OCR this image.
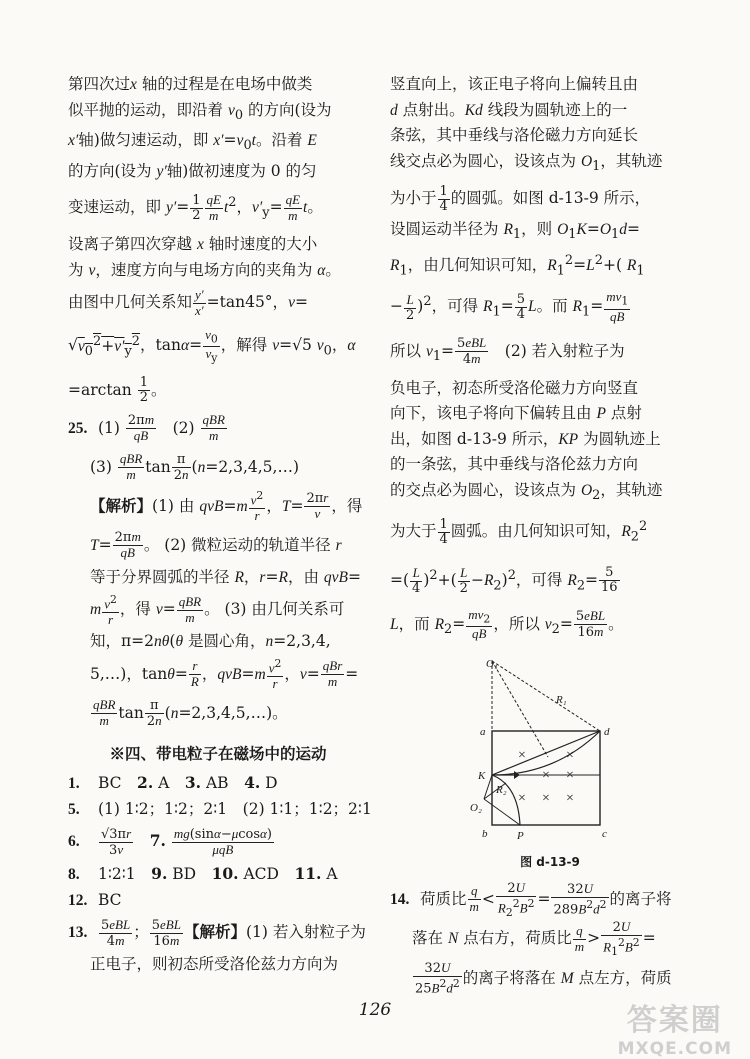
第四次过x 轴的过程是在电场中做类
似平抛的运动，即沿着 $v_0$ 的方向(设为
x′轴)做匀速运动，即 $x'=v_0t$。沿着 E
的方向(设为 y′轴)做初速度为 0 的匀
变速运动，即 $y'= \frac{1}{2} \frac{qE}{m} t^2$，$v'_y= \frac{qE}{m}$ t。
设离子第四次穿越 x 轴时速度的大小
为 v，速度方向与电场方向的夹角为 α。
由图中几何关系知 $\frac{y'}{x'} =\tan 45^\circ$，v=
$√v_0^2+v'_y^2$，$\tan\alpha= \frac{v_0}{v_y}$ ，解得 v=√5 $v_0$，α
$=\arctan \frac{1}{2}$ 。
25. $(1) \frac{2\pi m}{qB}$ 　$(2) \frac{\text{qBR}}{m}$
$(3) \frac{\text{qBR}}{m}$ $\tan \frac{\pi}{2n}$ (n=2,3,4,5,…)
【解析】(1) 由 $qvB=m \frac{v^2}{r}$ ，$T= \frac{2\pi r}{v}$ ，得
$T= \frac{2\pi m}{qB}$ 。 (2) 微粒运动的轨道半径 r
等于分界圆弧的半径 R，r=R，由 qvB=
m $\frac{v^2}{r}$ ，得 $v= \frac{\text{qBR}}{m}$ 。 (3) 由几何关系可
知，π=2nθ(θ 是圆心角，n=2,3,4,
5,…)，$\tan\theta= \frac{r}{R}$ ，$qvB=m \frac{v^2}{r}$ ，$v= \frac{\text{qBr}}{m}$ =
$\frac{\text{qBR}}{m}$ $\tan \frac{\pi}{2n}$ (n=2,3,4,5,…)。
※四、带电粒子在磁场中的运动
1. BC　2. A　3. AB　4. D
5. (1) 1∶2；1∶2；2∶1　(2) 1∶1；1∶2；2∶1
6. $\frac{√3\pi r}{3v}$
　 7. $\frac{mg(\sin\alpha-\mu\cos\alpha)}{\text{μqB}}$
8. 1∶2∶1　9. BD　10. ACD　11. A
12. BC
13. $\frac{\text{5eBL}}{4m}$ ； $\frac{\text{5eBL}}{16m}$ 【解析】(1) 若入射粒子为
正电子，则初态所受洛伦兹力方向为
竖直向上，该正电子将向上偏转且由
d 点射出。Kd 线段为圆轨迹上的一
条弦，其中垂线与洛伦磁力方向延长
线交点必为圆心，设该点为 $O_1$，其轨迹
为小于 $\frac{1}{4}$ 的圆弧。如图 d-13-9 所示，
设圆运动半径为 $R_1$，则 $O_1K=O_1d=$
$R_1$，由几何知识可知，$R_1^2=L^2+$( $R_1$
− $\frac{L}{2} )^2$，可得 $R_1= \frac{5}{4}$ L。而 $R_1= \frac{mv_1}{qB}$
所以 $v_1= \frac{\text{5eBL}}{4m}$ 　(2) 若入射粒子为
负电子，初态所受洛伦磁力方向竖直
向下，该电子将向下偏转且由 P 点射
出，如图 d-13-9 所示，KP 为圆轨迹上
的一条弦，其中垂线与洛伦兹力方向
的交点必为圆心，设该点为 $O_2$，其轨迹
为大于 $\frac{1}{4}$ 圆弧。由几何知识可知，$R_2^2$
=( $\frac{L}{4} )^2+( \frac{L}{2} -R_2)^2$，可得 $R_2= \frac{5}{16}$
L，而 $R_2= \frac{mv_2}{qB}$ ，所以 $v_2= \frac{\text{5eBL}}{16m}$ 。
×	×
× ×
× ×
×
O₁
R₁
a	d
K
R₂
O₂
b	P	c
图 d-13-9
14. 荷质比 $\frac{q}{m} < \frac{2U}{R_2^2B^2} = \frac{32U}{289B^2d^2}$ 的离子将
落在 N 点右方，荷质比 $\frac{q}{m} > \frac{2U}{R_1^2B^2}$ =
$\frac{32U}{25B^2d^2}$ 的离子将落在 M 点左方，荷质
126	答案圈
MXQE.COM
